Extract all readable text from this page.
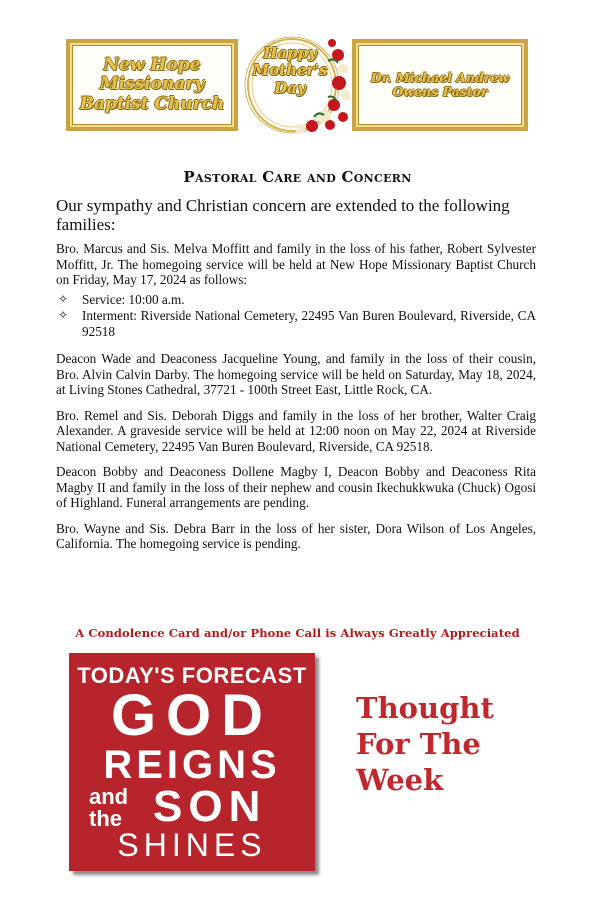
New Hope Missionary Baptist Church
Happy Mother's Day
Dr. Michael Andrew Owens Pastor
Pastoral Care and Concern
Our sympathy and Christian concern are extended to the following families:

Bro. Marcus and Sis. Melva Moffitt and family in the loss of his father, Robert Sylvester Moffitt, Jr. The homegoing service will be held at New Hope Missionary Baptist Church on Friday, May 17, 2024 as follows:

✧ Service: 10:00 a.m.
✧ Interment: Riverside National Cemetery, 22495 Van Buren Boulevard, Riverside, CA 92518

Deacon Wade and Deaconess Jacqueline Young, and family in the loss of their cousin, Bro. Alvin Calvin Darby. The homegoing service will be held on Saturday, May 18, 2024, at Living Stones Cathedral, 37721 - 100th Street East, Little Rock, CA.

Bro. Remel and Sis. Deborah Diggs and family in the loss of her brother, Walter Craig Alexander. A graveside service will be held at 12:00 noon on May 22, 2024 at Riverside National Cemetery, 22495 Van Buren Boulevard, Riverside, CA 92518.

Deacon Bobby and Deaconess Dollene Magby I, Deacon Bobby and Deaconess Rita Magby II and family in the loss of their nephew and cousin Ikechukkwuka (Chuck) Ogosi of Highland. Funeral arrangements are pending.

Bro. Wayne and Sis. Debra Barr in the loss of her sister, Dora Wilson of Los Angeles, California. The homegoing service is pending.

A Condolence Card and/or Phone Call is Always Greatly Appreciated
TODAY'S FORECAST
GOD
REIGNS
and
the SON
SHINES
Thought
For The
Week
